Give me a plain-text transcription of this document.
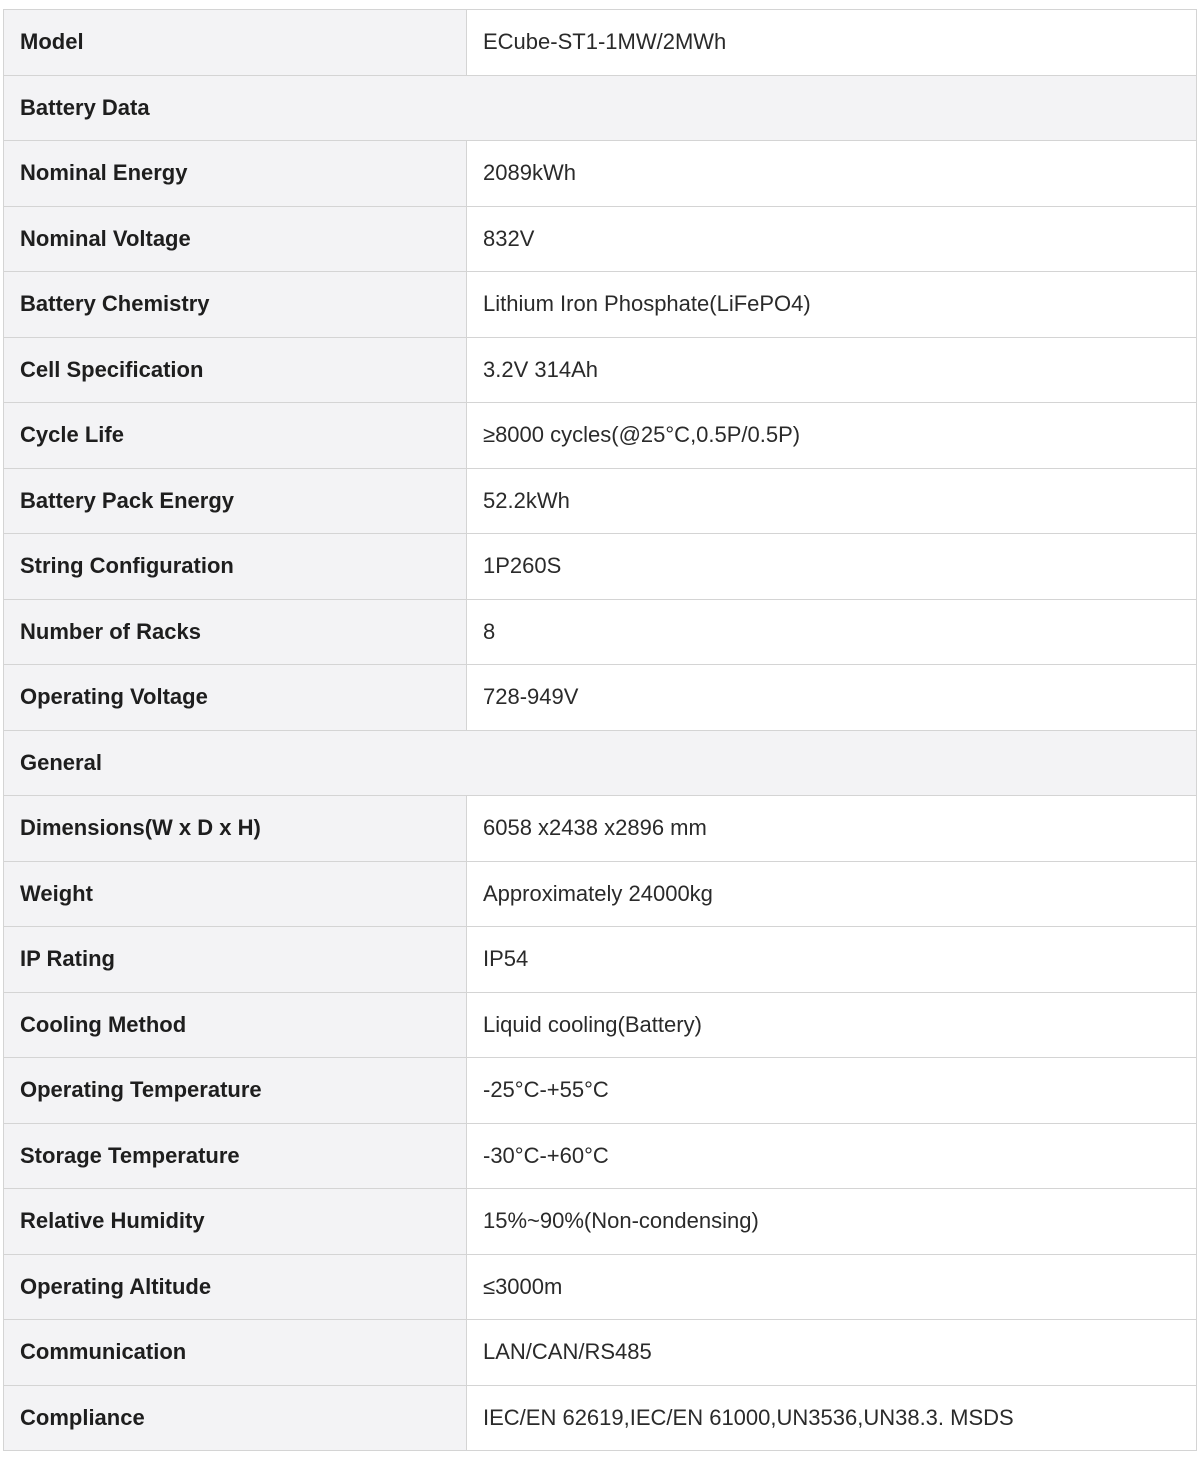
Model	ECube-ST1-1MW/2MWh
Battery Data	
Nominal Energy	2089kWh
Nominal Voltage	832V
Battery Chemistry	Lithium Iron Phosphate(LiFePO4)
Cell Specification	3.2V 314Ah
Cycle Life	≥8000 cycles(@25°C,0.5P/0.5P)
Battery Pack Energy	52.2kWh
String Configuration	1P260S
Number of Racks	8
Operating Voltage	728-949V
General	
Dimensions(W x D x H)	6058 x2438 x2896 mm
Weight	Approximately 24000kg
IP Rating	IP54
Cooling Method	Liquid cooling(Battery)
Operating Temperature	-25°C-+55°C
Storage Temperature	-30°C-+60°C
Relative Humidity	15%~90%(Non-condensing)
Operating Altitude	≤3000m
Communication	LAN/CAN/RS485
Compliance	IEC/EN 62619,IEC/EN 61000,UN3536,UN38.3. MSDS
